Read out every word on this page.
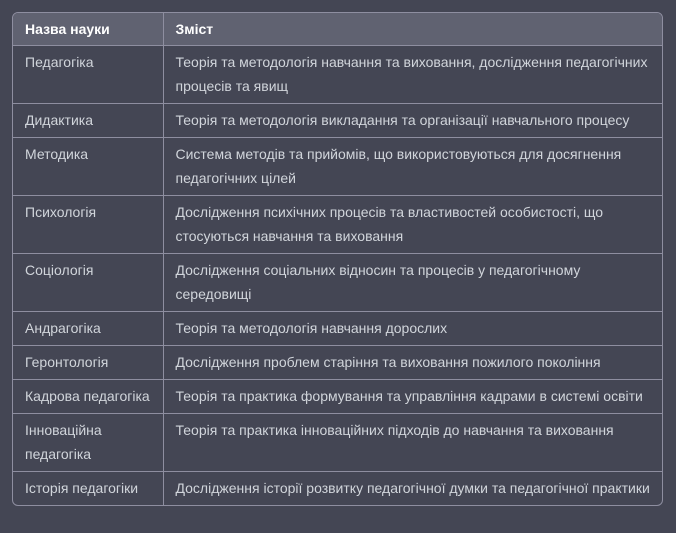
Назва науки	Зміст
Педагогіка	Теорія та методологія навчання та виховання, дослідження педагогічних процесів та явищ
Дидактика	Теорія та методологія викладання та організації навчального процесу
Методика	Система методів та прийомів, що використовуються для досягнення педагогічних цілей
Психологія	Дослідження психічних процесів та властивостей особистості, що стосуються навчання та виховання
Соціологія	Дослідження соціальних відносин та процесів у педагогічному середовищі
Андрагогіка	Теорія та методологія навчання дорослих
Геронтологія	Дослідження проблем старіння та виховання пожилого покоління
Кадрова педагогіка	Теорія та практика формування та управління кадрами в системі освіти
Інноваційна педагогіка	Теорія та практика інноваційних підходів до навчання та виховання
Історія педагогіки	Дослідження історії розвитку педагогічної думки та педагогічної практики
